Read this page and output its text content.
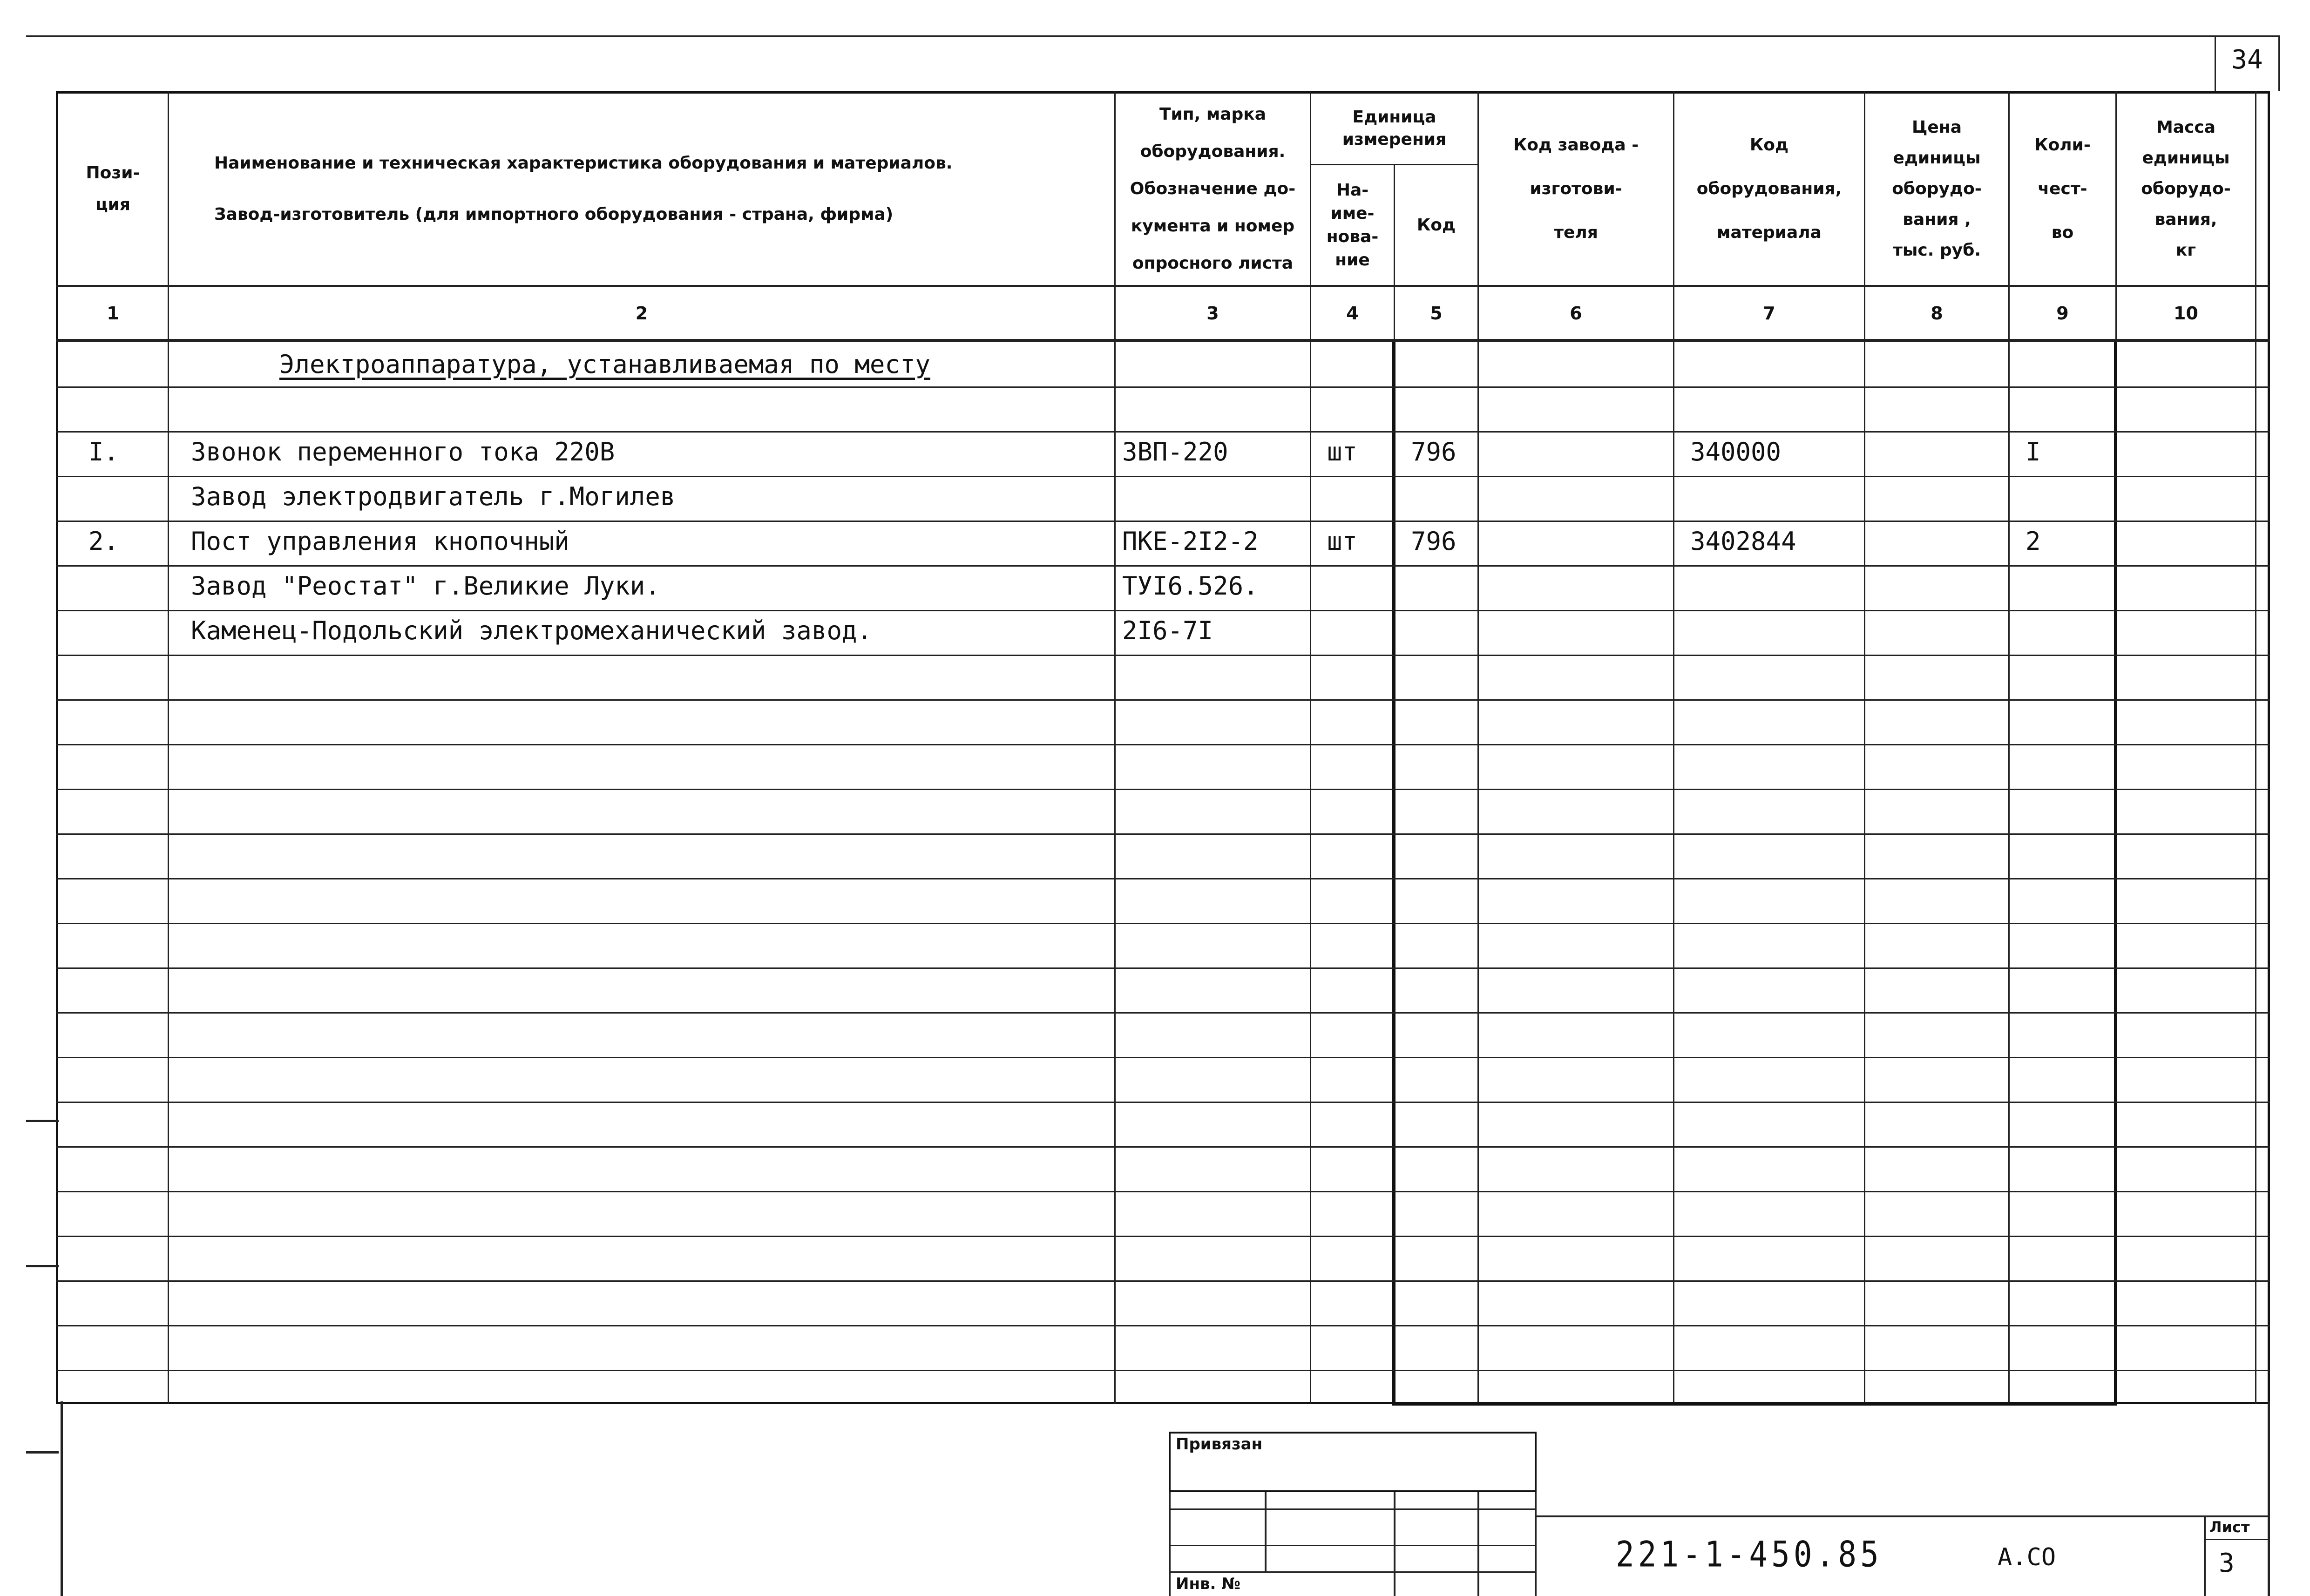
34
Пози-
ция
Наименование и техническая характеристика оборудования и материалов.
Завод-изготовитель (для импортного оборудования - страна, фирма)
Тип, марка
оборудования.
Обозначение до-
кумента и номер
опросного листа
Единица
измерения
На-
име-
нова-
ние
Код
Код завода -
изготови-
теля
Код
оборудования,
материала
Цена
единицы
оборудо-
вания ,
тыс. руб.
Коли-
чест-
во
Масса
единицы
оборудо-
вания,
кг
1	2	3	4	5	6	7	8	9	10
Электроаппаратура, устанавливаемая по месту
I.	Звонок переменного тока 220В	ЗВП-220	шт 796	340000	I
Завод электродвигатель г.Могилев
2.	Пост управления кнопочный	ПКЕ-2I2-2	шт 796	3402844	2
Завод "Реостат" г.Великие Луки.	ТУI6.526.
Каменец-Подольский электромеханический завод.	2I6-7I
Привязан
Инв. №
221-1-450.85	А.СО
Лист
3
